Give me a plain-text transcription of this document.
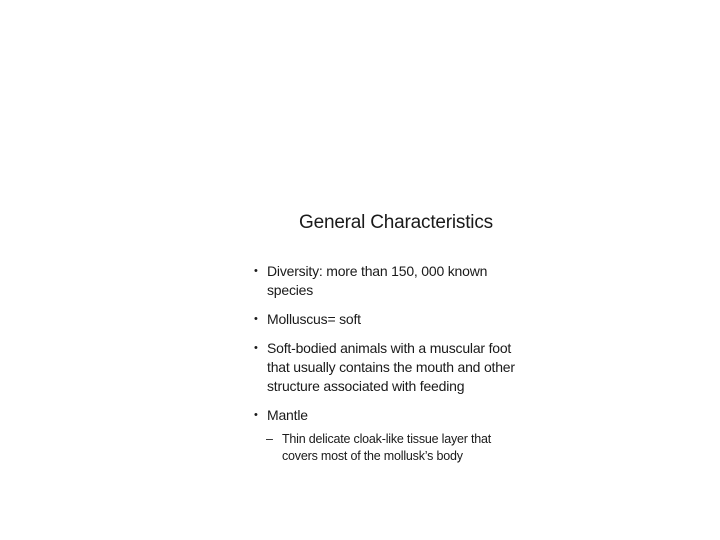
General Characteristics
• Diversity: more than 150, 000 known species
• Molluscus= soft
• Soft-bodied animals with a muscular foot that usually contains the mouth and other structure associated with feeding
• Mantle
– Thin delicate cloak-like tissue layer that covers most of the mollusk’s body
